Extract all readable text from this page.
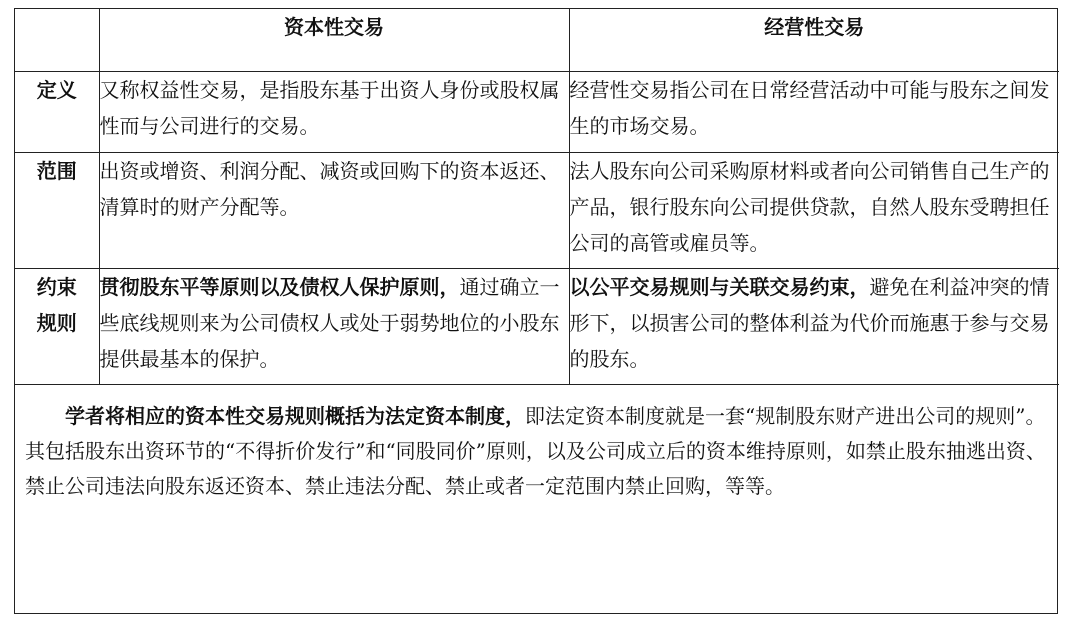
	资本性交易	经营性交易
定义	又称权益性交易，是指股东基于出资人身份或股权属性而与公司进行的交易。	经营性交易指公司在日常经营活动中可能与股东之间发生的市场交易。
范围	出资或增资、利润分配、减资或回购下的资本返还、清算时的财产分配等。	法人股东向公司采购原材料或者向公司销售自己生产的产品，银行股东向公司提供贷款，自然人股东受聘担任公司的高管或雇员等。

约束
规则	贯彻股东平等原则以及债权人保护原则，通过确立一些底线规则来为公司债权人或处于弱势地位的小股东提供最基本的保护。	以公平交易规则与关联交易约束，避免在利益冲突的情形下，以损害公司的整体利益为代价而施惠于参与交易的股东。
学者将相应的资本性交易规则概括为法定资本制度，即法定资本制度就是一套“规制股东财产进出公司的规则”。其包括股东出资环节的“不得折价发行”和“同股同价”原则，以及公司成立后的资本维持原则，如禁止股东抽逃出资、禁止公司违法向股东返还资本、禁止违法分配、禁止或者一定范围内禁止回购，等等。
